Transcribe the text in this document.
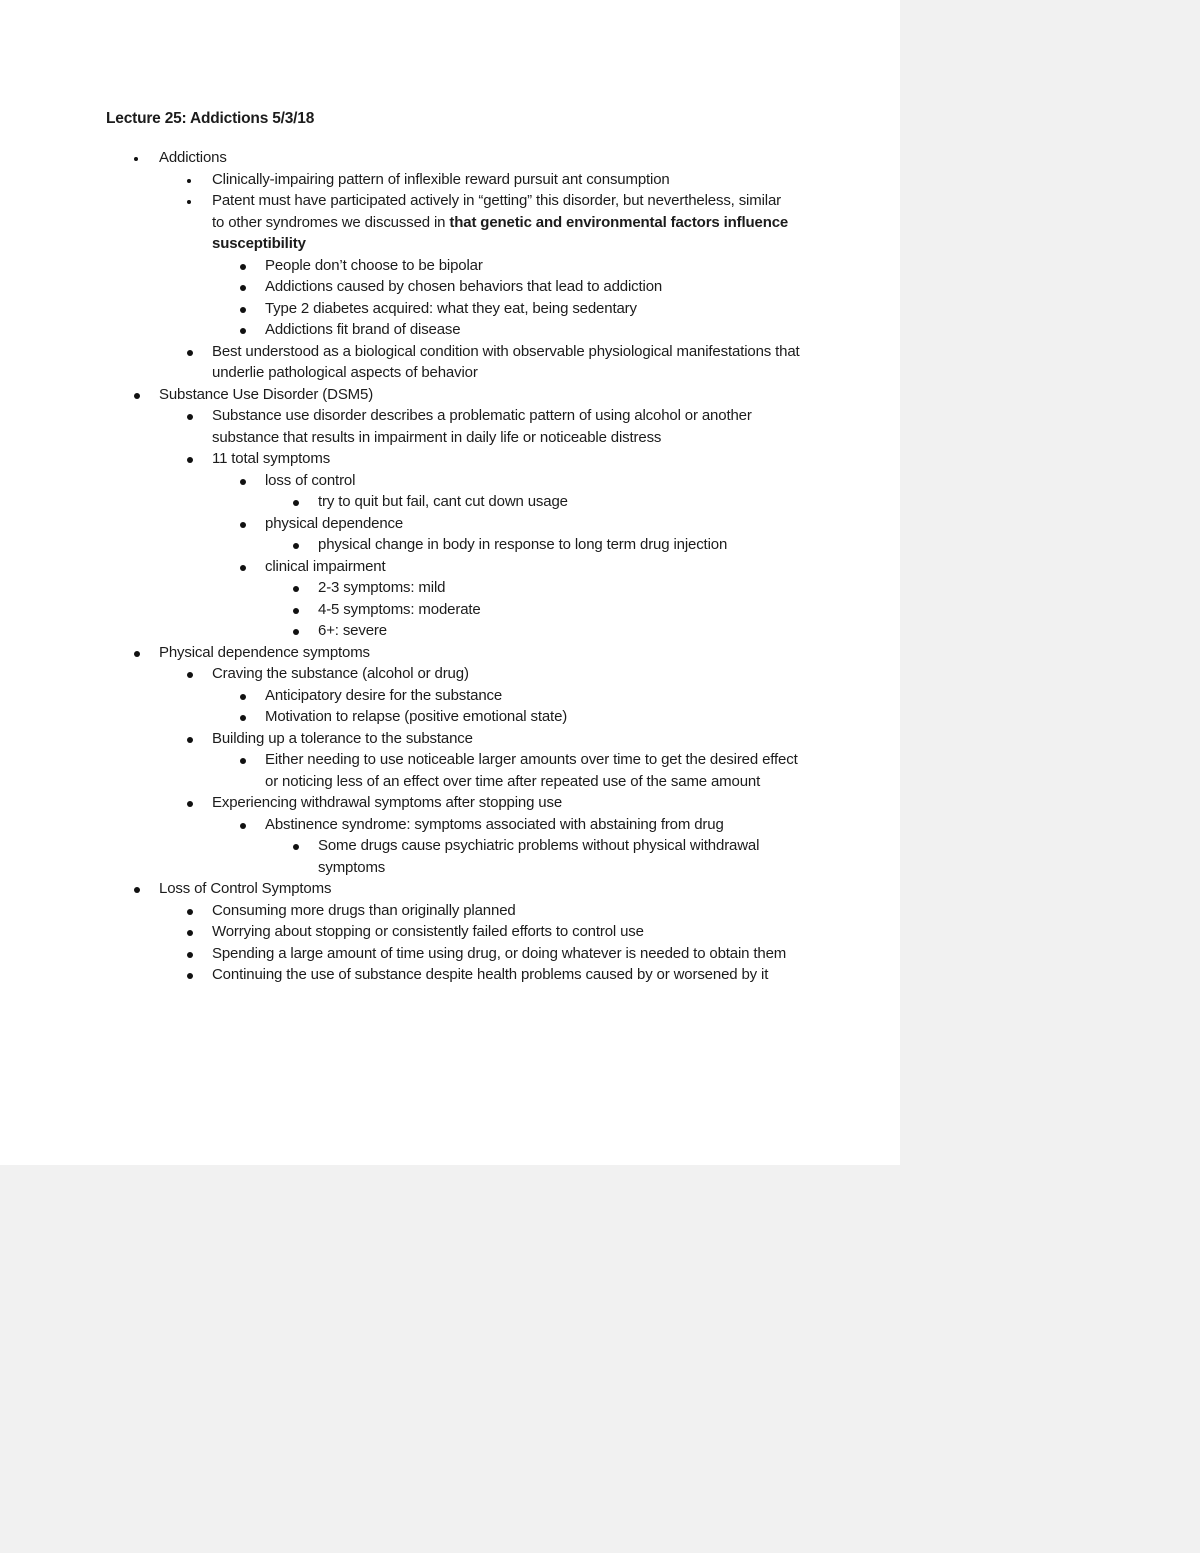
Lecture 25: Addictions 5/3/18
Addictions
Clinically-impairing pattern of inflexible reward pursuit ant consumption
Patent must have participated actively in “getting” this disorder, but nevertheless, similar to other syndromes we discussed in that genetic and environmental factors influence susceptibility
People don’t choose to be bipolar
Addictions caused by chosen behaviors that lead to addiction
Type 2 diabetes acquired: what they eat, being sedentary
Addictions fit brand of disease
Best understood as a biological condition with observable physiological manifestations that underlie pathological aspects of behavior
Substance Use Disorder (DSM5)
Substance use disorder describes a problematic pattern of using alcohol or another substance that results in impairment in daily life or noticeable distress
11 total symptoms
loss of control
try to quit but fail, cant cut down usage
physical dependence
physical change in body in response to long term drug injection
clinical impairment
2-3 symptoms: mild
4-5 symptoms: moderate
6+: severe
Physical dependence symptoms
Craving the substance (alcohol or drug)
Anticipatory desire for the substance
Motivation to relapse (positive emotional state)
Building up a tolerance to the substance
Either needing to use noticeable larger amounts over time to get the desired effect or noticing less of an effect over time after repeated use of the same amount
Experiencing withdrawal symptoms after stopping use
Abstinence syndrome: symptoms associated with abstaining from drug
Some drugs cause psychiatric problems without physical withdrawal symptoms
Loss of Control Symptoms
Consuming more drugs than originally planned
Worrying about stopping or consistently failed efforts to control use
Spending a large amount of time using drug, or doing whatever is needed to obtain them
Continuing the use of substance despite health problems caused by or worsened by it
